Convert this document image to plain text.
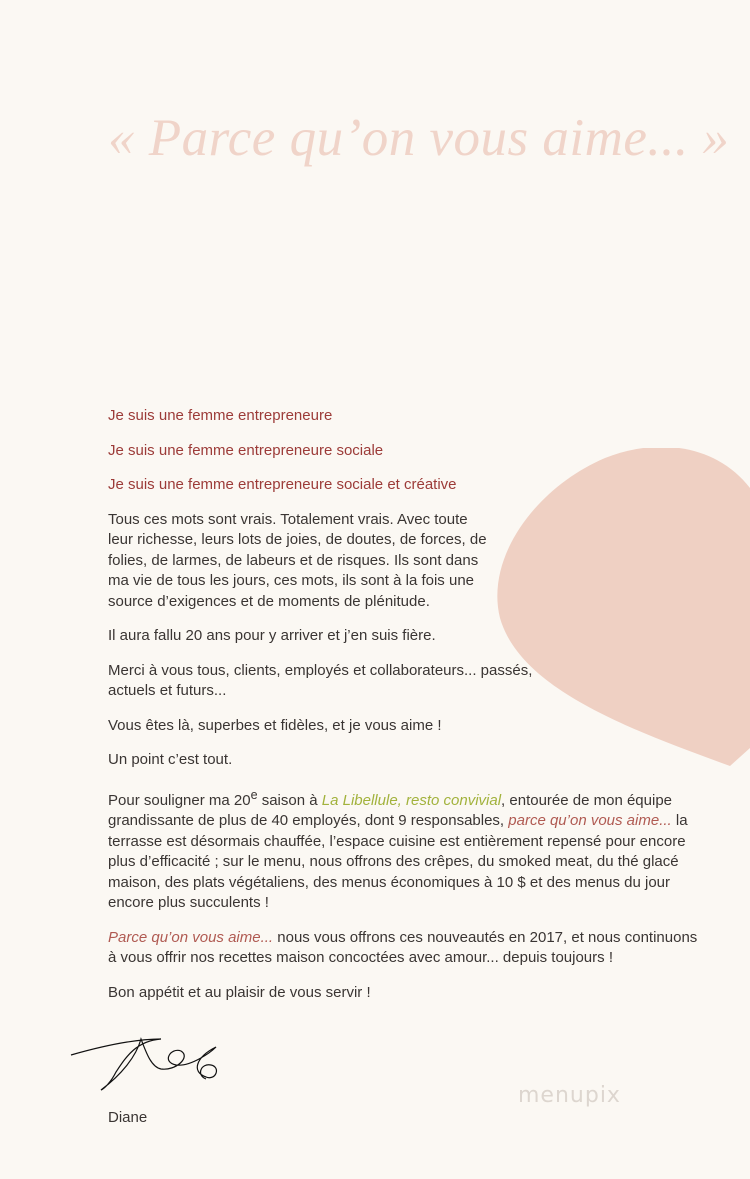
« Parce qu’on vous aime... »

Je suis une femme entrepreneure

Je suis une femme entrepreneure sociale

Je suis une femme entrepreneure sociale et créative

Tous ces mots sont vrais. Totalement vrais. Avec toute leur richesse, leurs lots de joies, de doutes, de forces, de folies, de larmes, de labeurs et de risques. Ils sont dans ma vie de tous les jours, ces mots, ils sont à la fois une source d’exigences et de moments de plénitude.

Il aura fallu 20 ans pour y arriver et j’en suis fière.

Merci à vous tous, clients, employés et collaborateurs... passés, actuels et futurs...

Vous êtes là, superbes et fidèles, et je vous aime !

Un point c’est tout.

Pour souligner ma 20e saison à La Libellule, resto convivial, entourée de mon équipe grandissante de plus de 40 employés, dont 9 responsables, parce qu’on vous aime... la terrasse est désormais chauffée, l’espace cuisine est entièrement repensé pour encore plus d’efficacité ; sur le menu, nous offrons des crêpes, du smoked meat, du thé glacé maison, des plats végétaliens, des menus économiques à 10 $ et des menus du jour encore plus succulents !

Parce qu’on vous aime... nous vous offrons ces nouveautés en 2017, et nous continuons à vous offrir nos recettes maison concoctées avec amour... depuis toujours !

Bon appétit et au plaisir de vous servir !

Diane
menupix
